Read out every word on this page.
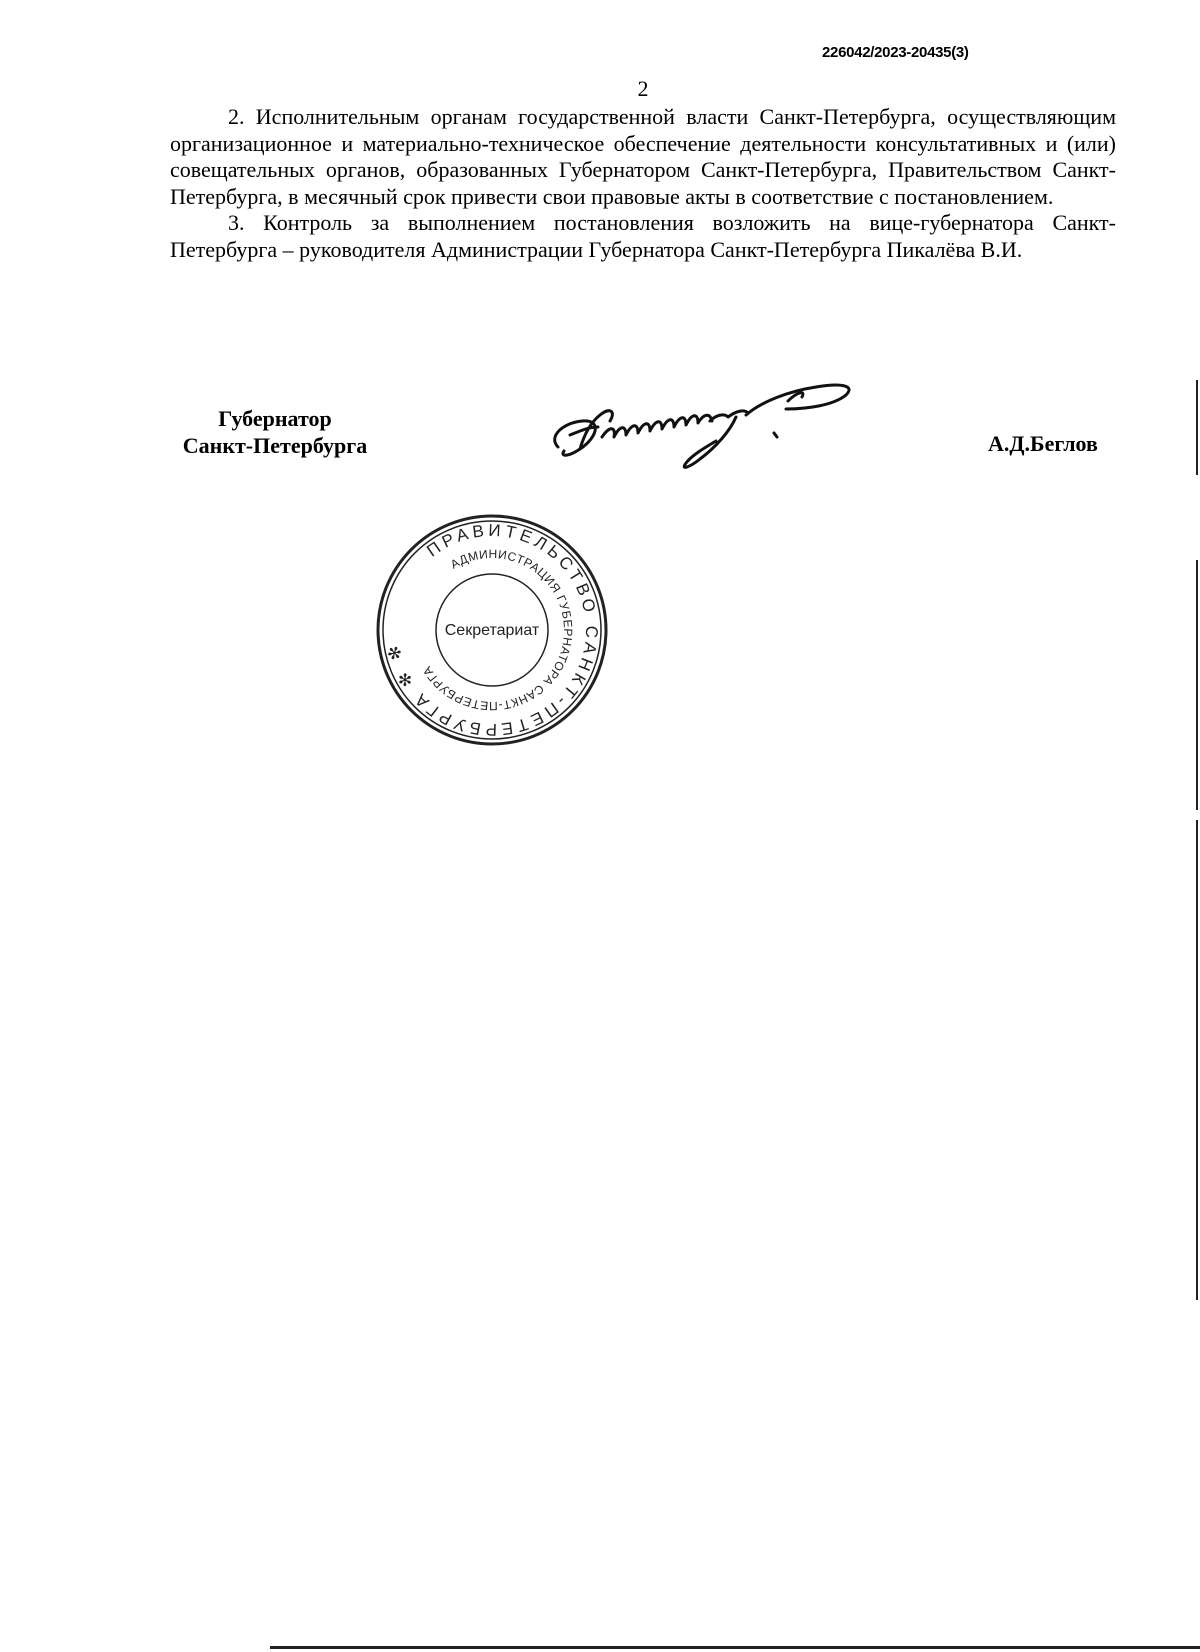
226042/2023-20435(3)
2

2. Исполнительным органам государственной власти Санкт-Петербурга, осуществляющим организационное и материально-техническое обеспечение деятельности консультативных и (или) совещательных органов, образованных Губернатором Санкт-Петербурга, Правительством Санкт-Петербурга, в месячный срок привести свои правовые акты в соответствие с постановлением.

3. Контроль за выполнением постановления возложить на вице-губернатора Санкт-Петербурга – руководителя Администрации Губернатора Санкт-Петербурга Пикалёва В.И.

Губернатор
Санкт-Петербурга	А.Д.Беглов
ПРАВИТЕЛЬСТВО САНКТ-ПЕТЕРБУРГА ✻ ✻
АДМИНИСТРАЦИЯ ГУБЕРНАТОРА САНКТ-ПЕТЕРБУРГА
Секретариат
